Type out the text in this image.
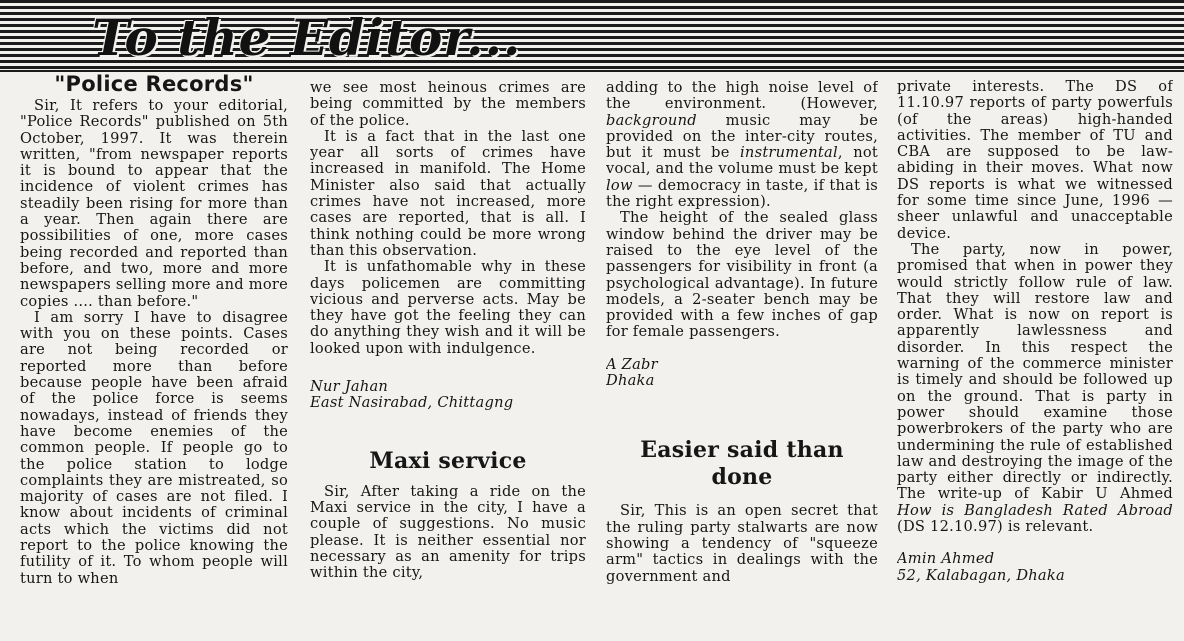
To the Editor...
"Police Records"

Sir, It refers to your editorial, "Police Records" published on 5th October, 1997. It was therein written, "from newspaper reports it is bound to appear that the incidence of violent crimes has steadily been rising for more than a year. Then again there are possibilities of one, more cases being recorded and reported than before, and two, more and more newspapers selling more and more copies .... than before."

I am sorry I have to disagree with you on these points. Cases are not being recorded or reported more than before because people have been afraid of the police force is seems nowadays, instead of friends they have become enemies of the common people. If people go to the police station to lodge complaints they are mistreated, so majority of cases are not filed. I know about incidents of criminal acts which the victims did not report to the police knowing the futility of it. To whom people will turn to when

we see most heinous crimes are being committed by the members of the police.

It is a fact that in the last one year all sorts of crimes have increased in manifold. The Home Minister also said that actually crimes have not increased, more cases are reported, that is all. I think nothing could be more wrong than this observation.

It is unfathomable why in these days policemen are committing vicious and perverse acts. May be they have got the feeling they can do anything they wish and it will be looked upon with indulgence.

Nur Jahan

East Nasirabad, Chittagng

Maxi service

Sir, After taking a ride on the Maxi service in the city, I have a couple of suggestions. No music please. It is neither essential nor necessary as an amenity for trips within the city,

adding to the high noise level of the environment. (However, background music may be provided on the inter-city routes, but it must be instrumental, not vocal, and the volume must be kept low — democracy in taste, if that is the right expression).

The height of the sealed glass window behind the driver may be raised to the eye level of the passengers for visibility in front (a psychological advantage). In future models, a 2-seater bench may be provided with a few inches of gap for female passengers.

A Zabr

Dhaka

Easier said than done

Sir, This is an open secret that the ruling party stalwarts are now showing a tendency of "squeeze arm" tactics in dealings with the government and

private interests. The DS of 11.10.97 reports of party powerfuls (of the areas) high-handed activities. The member of TU and CBA are supposed to be law-abiding in their moves. What now DS reports is what we witnessed for some time since June, 1996 — sheer unlawful and unacceptable device.

The party, now in power, promised that when in power they would strictly follow rule of law. That they will restore law and order. What is now on report is apparently lawlessness and disorder. In this respect the warning of the commerce minister is timely and should be followed up on the ground. That is party in power should examine those powerbrokers of the party who are undermining the rule of established law and destroying the image of the party either directly or indirectly. The write-up of Kabir U Ahmed How is Bangladesh Rated Abroad (DS 12.10.97) is relevant.

Amin Ahmed

52, Kalabagan, Dhaka
